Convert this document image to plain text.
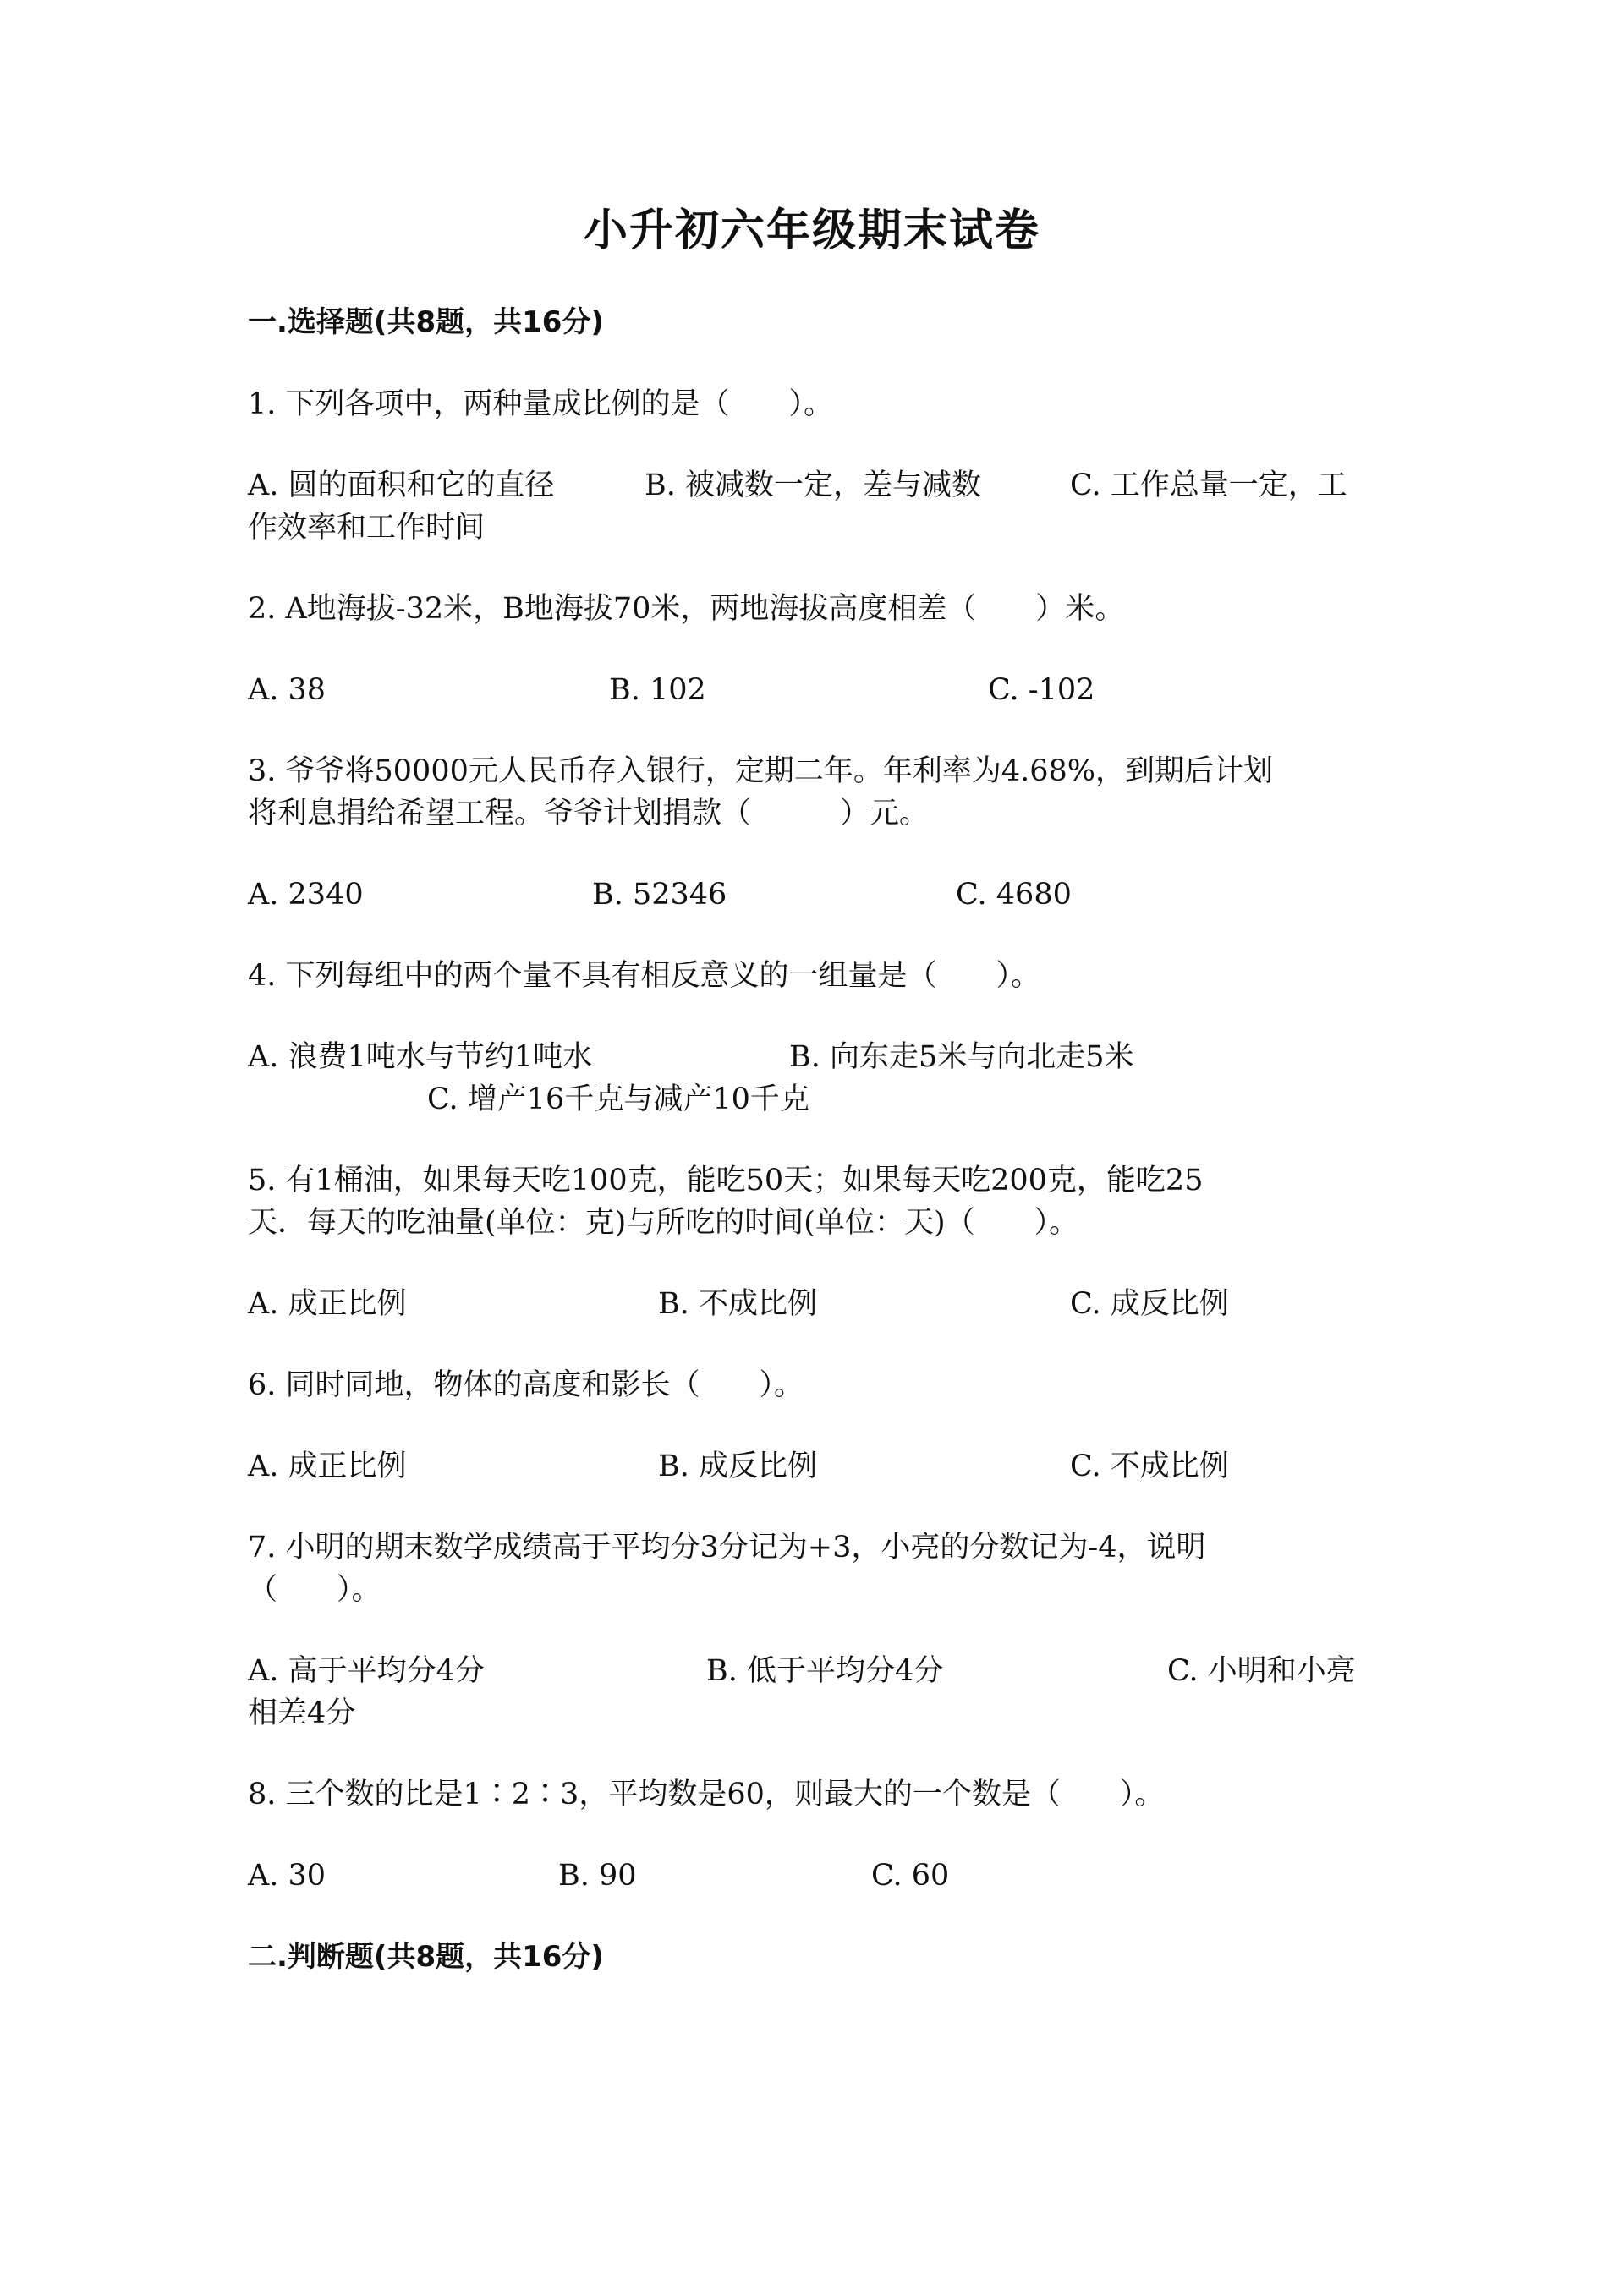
小升初六年级期末试卷
一.选择题(共8题，共16分)
1. 下列各项中，两种量成比例的是（　　）。
A. 圆的面积和它的直径	B. 被减数一定，差与减数	C. 工作总量一定，工
作效率和工作时间
2. A地海拔-32米，B地海拔70米，两地海拔高度相差（　　）米。
A. 38	B. 102	C. -102
3. 爷爷将50000元人民币存入银行，定期二年。年利率为4.68%，到期后计划
将利息捐给希望工程。爷爷计划捐款（　　　）元。
A. 2340	B. 52346	C. 4680
4. 下列每组中的两个量不具有相反意义的一组量是（　　）。
A. 浪费1吨水与节约1吨水	B. 向东走5米与向北走5米
C. 增产16千克与减产10千克
5. 有1桶油，如果每天吃100克，能吃50天；如果每天吃200克，能吃25
天．每天的吃油量(单位：克)与所吃的时间(单位：天)（　　）。
A. 成正比例	B. 不成比例	C. 成反比例
6. 同时同地，物体的高度和影长（　　）。
A. 成正比例	B. 成反比例	C. 不成比例
7. 小明的期末数学成绩高于平均分3分记为+3，小亮的分数记为-4，说明
（　　）。
A. 高于平均分4分	B. 低于平均分4分	C. 小明和小亮
相差4分
8. 三个数的比是1∶2∶3，平均数是60，则最大的一个数是（　　）。
A. 30	B. 90	C. 60
二.判断题(共8题，共16分)
